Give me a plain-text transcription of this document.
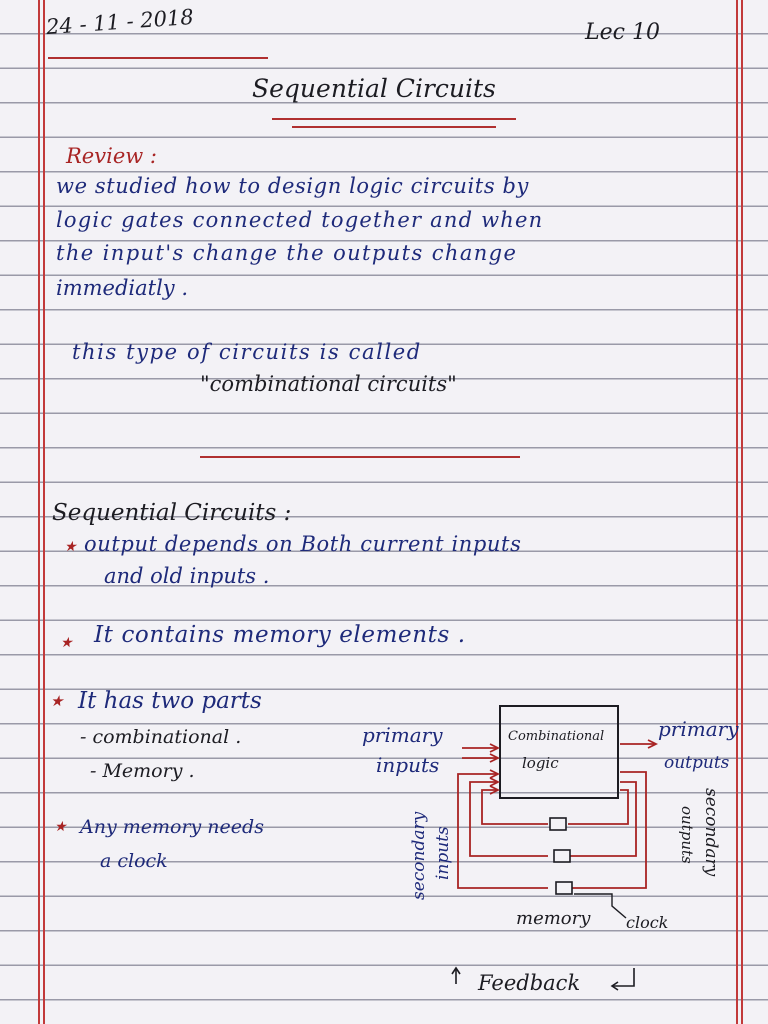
24 - 11 - 2018	Lec 10
Sequential Circuits
Review :
we studied how to design logic circuits by
logic gates connected together and when
the input's change the outputs change
immediatly .
this type of circuits is called
"combinational circuits"
Sequential Circuits :
★ output depends on Both current inputs
and old inputs .
★ It contains memory elements .
★ It has two parts
- combinational .
- Memory .
★ Any memory needs
a clock
Combinational
logic
primary
inputs
primary
outputs
secondary inputs	secondary
outputs
memory clock
Feedback
